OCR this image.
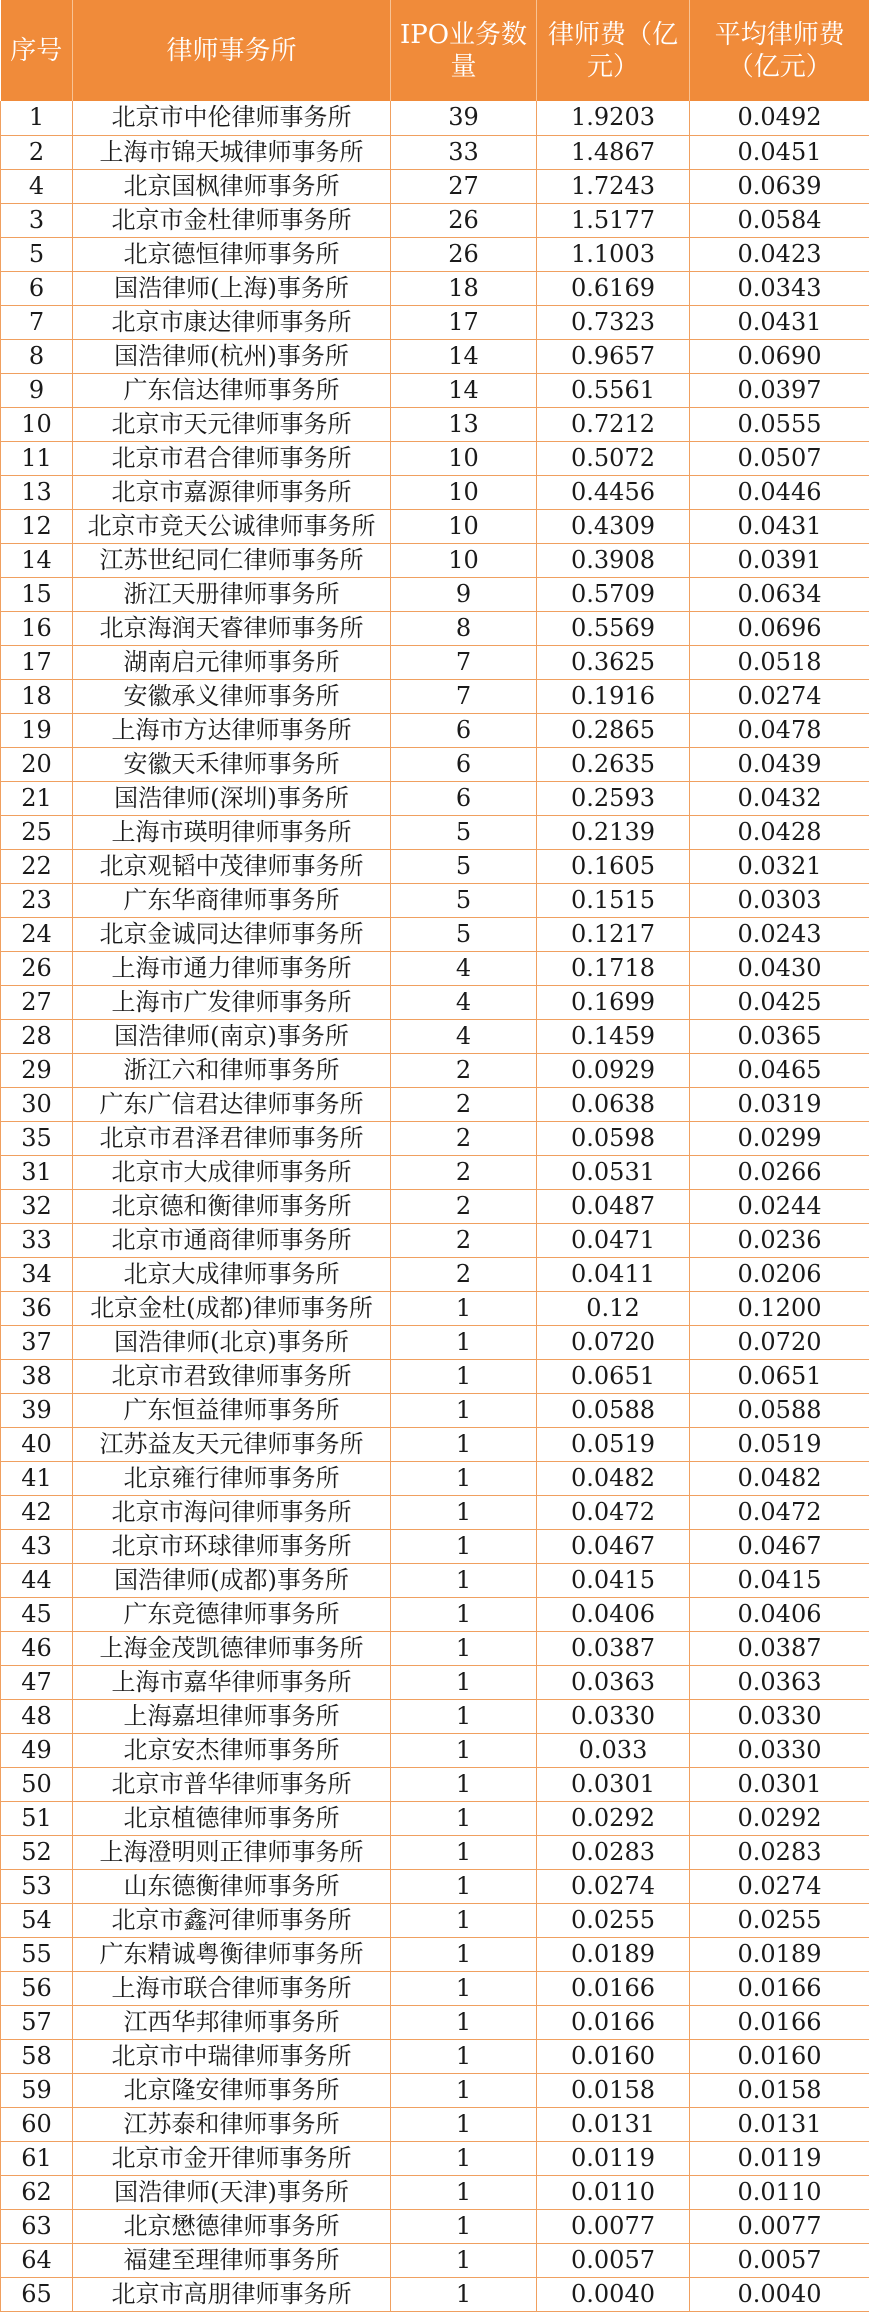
序号	律师事务所	IPO业务数量	律师费（亿元）	平均律师费（亿元）
1	北京市中伦律师事务所	39	1.9203	0.0492
2	上海市锦天城律师事务所	33	1.4867	0.0451
4	北京国枫律师事务所	27	1.7243	0.0639
3	北京市金杜律师事务所	26	1.5177	0.0584
5	北京德恒律师事务所	26	1.1003	0.0423
6	国浩律师(上海)事务所	18	0.6169	0.0343
7	北京市康达律师事务所	17	0.7323	0.0431
8	国浩律师(杭州)事务所	14	0.9657	0.0690
9	广东信达律师事务所	14	0.5561	0.0397
10	北京市天元律师事务所	13	0.7212	0.0555
11	北京市君合律师事务所	10	0.5072	0.0507
13	北京市嘉源律师事务所	10	0.4456	0.0446
12	北京市竞天公诚律师事务所	10	0.4309	0.0431
14	江苏世纪同仁律师事务所	10	0.3908	0.0391
15	浙江天册律师事务所	9	0.5709	0.0634
16	北京海润天睿律师事务所	8	0.5569	0.0696
17	湖南启元律师事务所	7	0.3625	0.0518
18	安徽承义律师事务所	7	0.1916	0.0274
19	上海市方达律师事务所	6	0.2865	0.0478
20	安徽天禾律师事务所	6	0.2635	0.0439
21	国浩律师(深圳)事务所	6	0.2593	0.0432
25	上海市瑛明律师事务所	5	0.2139	0.0428
22	北京观韬中茂律师事务所	5	0.1605	0.0321
23	广东华商律师事务所	5	0.1515	0.0303
24	北京金诚同达律师事务所	5	0.1217	0.0243
26	上海市通力律师事务所	4	0.1718	0.0430
27	上海市广发律师事务所	4	0.1699	0.0425
28	国浩律师(南京)事务所	4	0.1459	0.0365
29	浙江六和律师事务所	2	0.0929	0.0465
30	广东广信君达律师事务所	2	0.0638	0.0319
35	北京市君泽君律师事务所	2	0.0598	0.0299
31	北京市大成律师事务所	2	0.0531	0.0266
32	北京德和衡律师事务所	2	0.0487	0.0244
33	北京市通商律师事务所	2	0.0471	0.0236
34	北京大成律师事务所	2	0.0411	0.0206
36	北京金杜(成都)律师事务所	1	0.12	0.1200
37	国浩律师(北京)事务所	1	0.0720	0.0720
38	北京市君致律师事务所	1	0.0651	0.0651
39	广东恒益律师事务所	1	0.0588	0.0588
40	江苏益友天元律师事务所	1	0.0519	0.0519
41	北京雍行律师事务所	1	0.0482	0.0482
42	北京市海问律师事务所	1	0.0472	0.0472
43	北京市环球律师事务所	1	0.0467	0.0467
44	国浩律师(成都)事务所	1	0.0415	0.0415
45	广东竞德律师事务所	1	0.0406	0.0406
46	上海金茂凯德律师事务所	1	0.0387	0.0387
47	上海市嘉华律师事务所	1	0.0363	0.0363
48	上海嘉坦律师事务所	1	0.0330	0.0330
49	北京安杰律师事务所	1	0.033	0.0330
50	北京市普华律师事务所	1	0.0301	0.0301
51	北京植德律师事务所	1	0.0292	0.0292
52	上海澄明则正律师事务所	1	0.0283	0.0283
53	山东德衡律师事务所	1	0.0274	0.0274
54	北京市鑫河律师事务所	1	0.0255	0.0255
55	广东精诚粤衡律师事务所	1	0.0189	0.0189
56	上海市联合律师事务所	1	0.0166	0.0166
57	江西华邦律师事务所	1	0.0166	0.0166
58	北京市中瑞律师事务所	1	0.0160	0.0160
59	北京隆安律师事务所	1	0.0158	0.0158
60	江苏泰和律师事务所	1	0.0131	0.0131
61	北京市金开律师事务所	1	0.0119	0.0119
62	国浩律师(天津)事务所	1	0.0110	0.0110
63	北京懋德律师事务所	1	0.0077	0.0077
64	福建至理律师事务所	1	0.0057	0.0057
65	北京市高朋律师事务所	1	0.0040	0.0040
